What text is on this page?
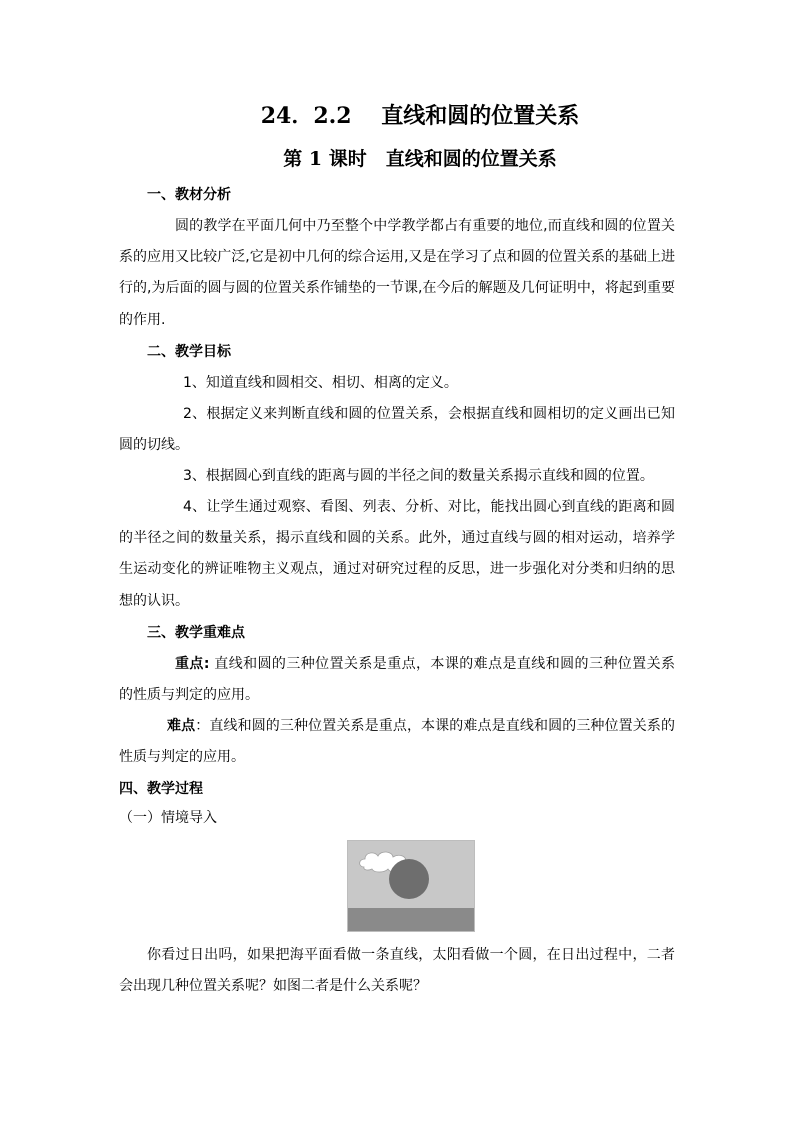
24．2.2　 直线和圆的位置关系
第 1 课时　直线和圆的位置关系
一、教材分析
圆的教学在平面几何中乃至整个中学教学都占有重要的地位,而直线和圆的位置关系的应用又比较广泛,它是初中几何的综合运用,又是在学习了点和圆的位置关系的基础上进行的,为后面的圆与圆的位置关系作铺垫的一节课,在今后的解题及几何证明中，将起到重要的作用.
二、教学目标
1、知道直线和圆相交、相切、相离的定义。
2、根据定义来判断直线和圆的位置关系，会根据直线和圆相切的定义画出已知圆的切线。
3、根据圆心到直线的距离与圆的半径之间的数量关系揭示直线和圆的位置。
4、让学生通过观察、看图、列表、分析、对比，能找出圆心到直线的距离和圆的半径之间的数量关系，揭示直线和圆的关系。此外，通过直线与圆的相对运动，培养学生运动变化的辨证唯物主义观点，通过对研究过程的反思，进一步强化对分类和归纳的思想的认识。
三、教学重难点
重点: 直线和圆的三种位置关系是重点，本课的难点是直线和圆的三种位置关系的性质与判定的应用。
难点：直线和圆的三种位置关系是重点，本课的难点是直线和圆的三种位置关系的性质与判定的应用。
四、教学过程
（一）情境导入
你看过日出吗，如果把海平面看做一条直线，太阳看做一个圆，在日出过程中，二者会出现几种位置关系呢？如图二者是什么关系呢？
